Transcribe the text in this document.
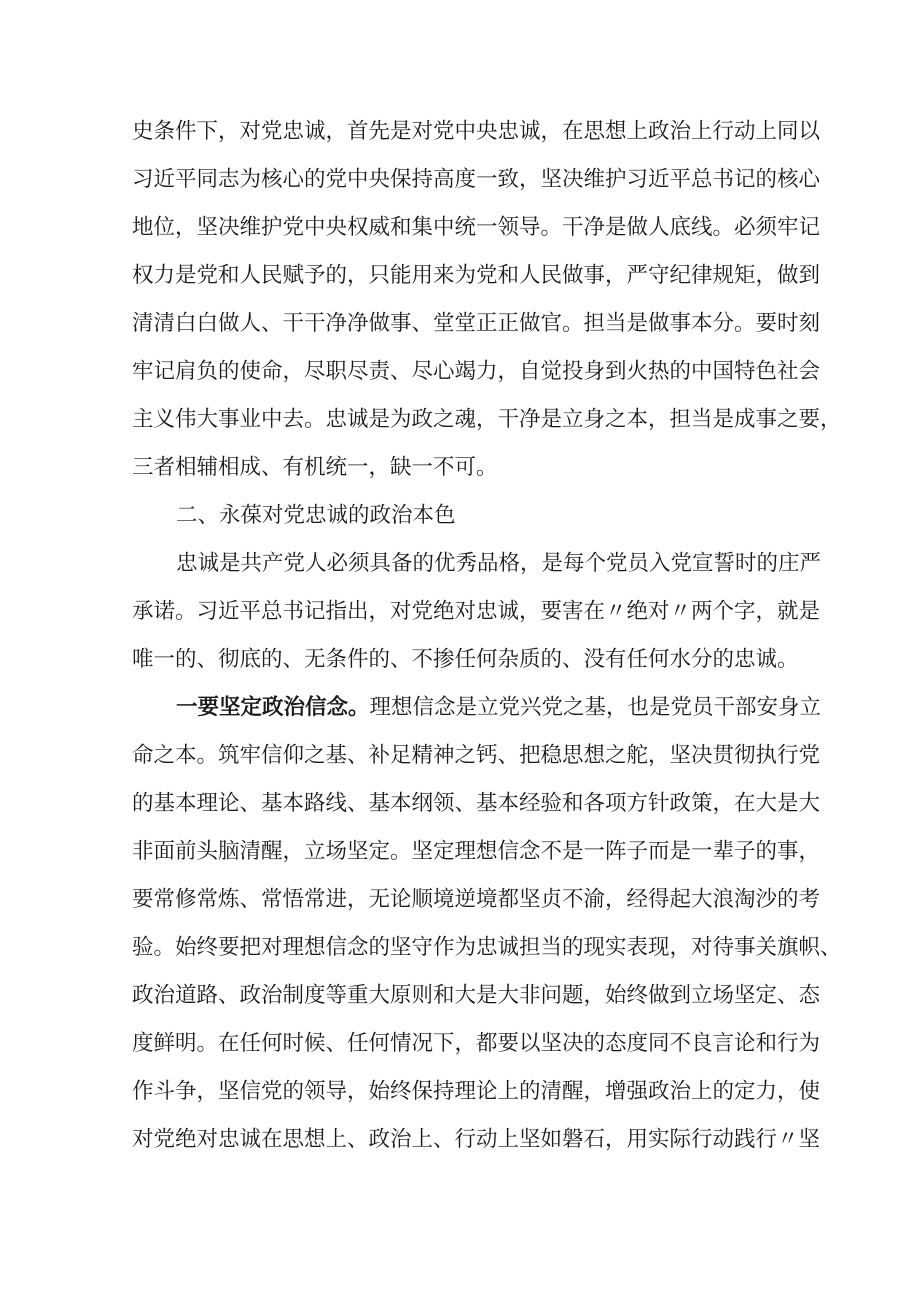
史条件下，对党忠诚，首先是对党中央忠诚，在思想上政治上行动上同以
习近平同志为核心的党中央保持高度一致，坚决维护习近平总书记的核心
地位，坚决维护党中央权威和集中统一领导。干净是做人底线。必须牢记
权力是党和人民赋予的，只能用来为党和人民做事，严守纪律规矩，做到
清清白白做人、干干净净做事、堂堂正正做官。担当是做事本分。要时刻
牢记肩负的使命，尽职尽责、尽心竭力，自觉投身到火热的中国特色社会
主义伟大事业中去。忠诚是为政之魂，干净是立身之本，担当是成事之要，
三者相辅相成、有机统一，缺一不可。
二、永葆对党忠诚的政治本色
忠诚是共产党人必须具备的优秀品格，是每个党员入党宣誓时的庄严
承诺。习近平总书记指出，对党绝对忠诚，要害在〃绝对〃两个字，就是
唯一的、彻底的、无条件的、不掺任何杂质的、没有任何水分的忠诚。
一要坚定政治信念。 理想信念是立党兴党之基，也是党员干部安身立
命之本。筑牢信仰之基、补足精神之钙、把稳思想之舵，坚决贯彻执行党
的基本理论、基本路线、基本纲领、基本经验和各项方针政策，在大是大
非面前头脑清醒，立场坚定。坚定理想信念不是一阵子而是一辈子的事，
要常修常炼、常悟常进，无论顺境逆境都坚贞不渝，经得起大浪淘沙的考
验。始终要把对理想信念的坚守作为忠诚担当的现实表现，对待事关旗帜、
政治道路、政治制度等重大原则和大是大非问题，始终做到立场坚定、态
度鲜明。在任何时候、任何情况下，都要以坚决的态度同不良言论和行为
作斗争，坚信党的领导，始终保持理论上的清醒，增强政治上的定力，使
对党绝对忠诚在思想上、政治上、行动上坚如磐石，用实际行动践行〃坚
